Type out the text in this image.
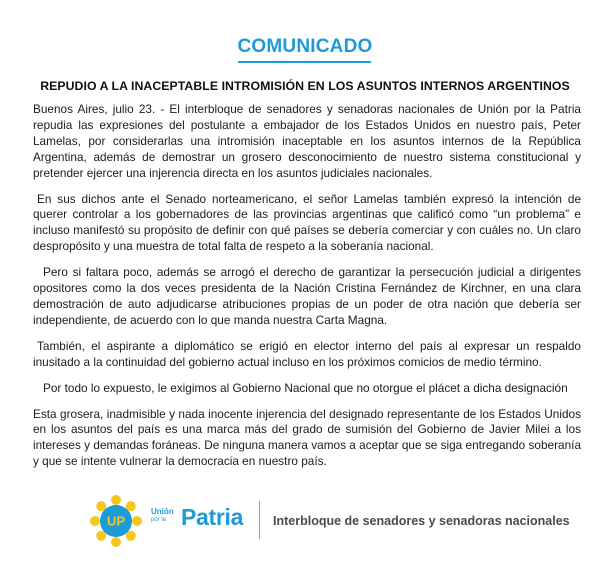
COMUNICADO
REPUDIO A LA INACEPTABLE INTROMISIÓN EN LOS ASUNTOS INTERNOS ARGENTINOS

Buenos Aires, julio 23. - El interbloque de senadores y senadoras nacionales de Unión por la Patria repudia las expresiones del postulante a embajador de los Estados Unidos en nuestro país, Peter Lamelas, por considerarlas una intromisión inaceptable en los asuntos internos de la República Argentina, además de demostrar un grosero desconocimiento de nuestro sistema constitucional y pretender ejercer una injerencia directa en los asuntos judiciales nacionales.

En sus dichos ante el Senado norteamericano, el señor Lamelas también expresó la intención de querer controlar a los gobernadores de las provincias argentinas que calificó como “un problema” e incluso manifestó su propósito de definir con qué países se debería comerciar y con cuáles no. Un claro despropósito y una muestra de total falta de respeto a la soberanía nacional.

Pero si faltara poco, además se arrogó el derecho de garantizar la persecución judicial a dirigentes opositores como la dos veces presidenta de la Nación Cristina Fernández de Kirchner, en una clara demostración de auto adjudicarse atribuciones propias de un poder de otra nación que debería ser independiente, de acuerdo con lo que manda nuestra Carta Magna.

También, el aspirante a diplomático se erigió en elector interno del país al expresar un respaldo inusitado a la continuidad del gobierno actual incluso en los próximos comicios de medio término.

Por todo lo expuesto, le exigimos al Gobierno Nacional que no otorgue el plácet a dicha designación

Esta grosera, inadmisible y nada inocente injerencia del designado representante de los Estados Unidos en los asuntos del país es una marca más del grado de sumisión del Gobierno de Javier Milei a los intereses y demandas foráneas. De ninguna manera vamos a aceptar que se siga entregando soberanía y que se intente vulnerar la democracia en nuestro país.

UP
Unión
por la Patria Interbloque de senadores y senadoras nacionales
